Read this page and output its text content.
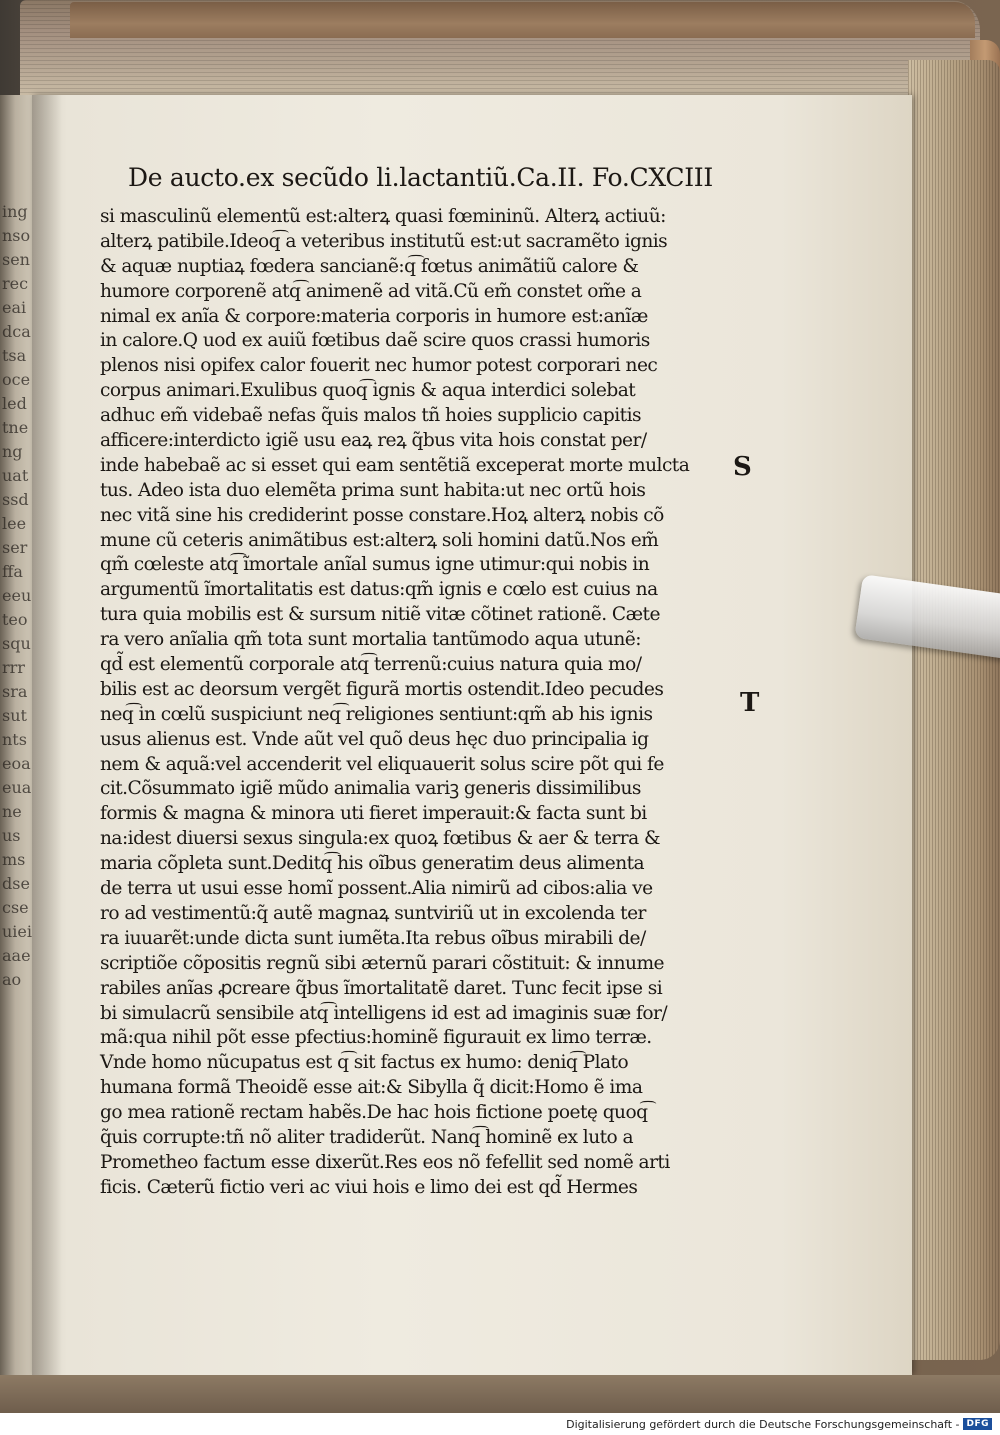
ingnsosenreceaidcatsaoceledtnenguatssdleeserffaeeuteosqurrrsrasutntseoaeuaneusmsdsecseuieiaaeao
De aucto.ex secũdo li.lactantiũ.Ca.II. Fo.CXCIII
si masculinũ elementũ est:alterꝝ quasi fœmininũ. Alterꝝ actiuũ:
alterꝝ patibile.Ideoq͡ a veteribus institutũ est:ut sacramẽto ignis
& aquæ nuptiaꝝ fœdera sancianẽ:q͡ fœtus animãtiũ calore &
humore corporenẽ atq͡ animenẽ ad vitã.Cũ em̃ constet om̃e a
nimal ex anĩa & corpore:materia corporis in humore est:anĩæ
in calore.Q uod ex auiũ fœtibus daẽ scire quos crassi humoris
plenos nisi opifex calor fouerit nec humor potest corporari nec
corpus animari.Exulibus quoq͡ ignis & aqua interdici solebat
adhuc em̃ videbaẽ nefas q̃uis malos tñ hoies supplicio capitis
afficere:interdicto igiẽ usu eaꝝ reꝝ q̃bus vita hois constat per/
inde habebaẽ ac si esset qui eam sentẽtiã exceperat morte mulcta
tus. Adeo ista duo elemẽta prima sunt habita:ut nec ortũ hois
nec vitã sine his crediderint posse constare.Hoꝝ alterꝝ nobis cõ
mune cũ ceteris animãtibus est:alterꝝ soli homini datũ.Nos em̃
qm̃ cœleste atq͡ ĩmortale anĩal sumus igne utimur:qui nobis in
argumentũ ĩmortalitatis est datus:qm̃ ignis e cœlo est cuius na
tura quia mobilis est & sursum nitiẽ vitæ cõtinet rationẽ. Cæte
ra vero anĩalia qm̃ tota sunt mortalia tantũmodo aqua utunẽ:
qd̃ est elementũ corporale atq͡ terrenũ:cuius natura quia mo/
bilis est ac deorsum vergẽt figurã mortis ostendit.Ideo pecudes
neq͡ in cœlũ suspiciunt neq͡ religiones sentiunt:qm̃ ab his ignis
usus alienus est. Vnde aũt vel quõ deus hęc duo principalia ig
nem & aquã:vel accenderit vel eliquauerit solus scire põt qui fe
cit.Cõsummato igiẽ mũdo animalia variꝫ generis dissimilibus
formis & magna & minora uti fieret imperauit:& facta sunt bi
na:idest diuersi sexus singula:ex quoꝝ fœtibus & aer & terra &
maria cõpleta sunt.Deditq͡ his oĩbus generatim deus alimenta
de terra ut usui esse homĩ possent.Alia nimirũ ad cibos:alia ve
ro ad vestimentũ:q̃ autẽ magnaꝝ suntviriũ ut in excolenda ter
ra iuuarẽt:unde dicta sunt iumẽta.Ita rebus oĩbus mirabili de/
scriptiõe cõpositis regnũ sibi æternũ parari cõstituit: & innume
rabiles anĩas ꝓcreare q̃bus ĩmortalitatẽ daret. Tunc fecit ipse si
bi simulacrũ sensibile atq͡ intelligens id est ad imaginis suæ for/
mã:qua nihil põt esse pfectius:hominẽ figurauit ex limo terræ.
Vnde homo nũcupatus est q͡ sit factus ex humo: deniq͡ Plato
humana formã Theoidẽ esse ait:& Sibylla q̃ dicit:Homo ẽ ima
go mea rationẽ rectam habẽs.De hac hois fictione poetę quoq͡
q̃uis corrupte:tñ nõ aliter tradiderũt. Nanq͡ hominẽ ex luto a
Prometheo factum esse dixerũt.Res eos nõ fefellit sed nomẽ arti
ficis. Cæterũ fictio veri ac viui hois e limo dei est qd̃ Hermes
S
T
Digitalisierung gefördert durch die Deutsche Forschungsgemeinschaft - DFG
